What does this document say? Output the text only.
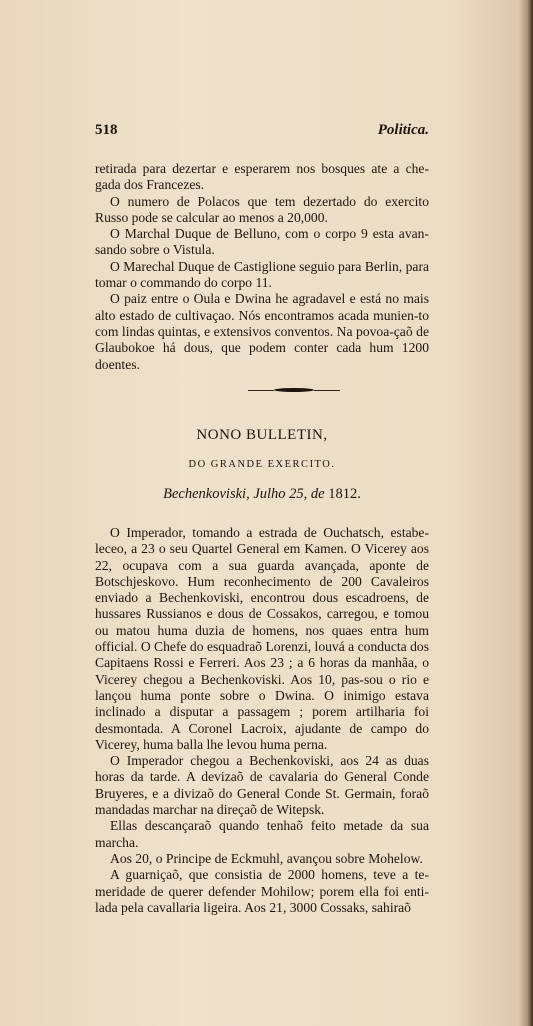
518	Politica.

retirada para dezertar e esperarem nos bosques ate a che-gada dos Francezes.

O numero de Polacos que tem dezertado do exercito Russo pode se calcular ao menos a 20,000.

O Marchal Duque de Belluno, com o corpo 9 esta avan-sando sobre o Vistula.

O Marechal Duque de Castiglione seguio para Berlin, para tomar o commando do corpo 11.

O paiz entre o Oula e Dwina he agradavel e está no mais alto estado de cultivaçao. Nós encontramos acada munien-to com lindas quintas, e extensivos conventos. Na povoa-çaõ de Glaubokoe há dous, que podem conter cada hum 1200 doentes.

NONO BULLETIN,
DO GRANDE EXERCITO.
Bechenkoviski, Julho 25, de 1812.

O Imperador, tomando a estrada de Ouchatsch, estabe-leceo, a 23 o seu Quartel General em Kamen. O Vicerey aos 22, ocupava com a sua guarda avançada, aponte de Botschjeskovo. Hum reconhecimento de 200 Cavaleiros enviado a Bechenkoviski, encontrou dous escadroens, de hussares Russianos e dous de Cossakos, carregou, e tomou ou matou huma duzia de homens, nos quaes entra hum official. O Chefe do esquadraõ Lorenzi, louvá a conducta dos Capitaens Rossi e Ferreri. Aos 23 ; a 6 horas da manhãa, o Vicerey chegou a Bechenkoviski. Aos 10, pas-sou o rio e lançou huma ponte sobre o Dwina. O inimigo estava inclinado a disputar a passagem ; porem artilharia foi desmontada. A Coronel Lacroix, ajudante de campo do Vicerey, huma balla lhe levou huma perna.

O Imperador chegou a Bechenkoviski, aos 24 as duas horas da tarde. A devizaõ de cavalaria do General Conde Bruyeres, e a divizaõ do General Conde St. Germain, foraõ mandadas marchar na direçaõ de Witepsk.

Ellas descançaraõ quando tenhaõ feito metade da sua marcha.

Aos 20, o Principe de Eckmuhl, avançou sobre Mohelow.

A guarniçaõ, que consistia de 2000 homens, teve a te-meridade de querer defender Mohilow; porem ella foi enti-lada pela cavallaria ligeira. Aos 21, 3000 Cossaks, sahiraõ
